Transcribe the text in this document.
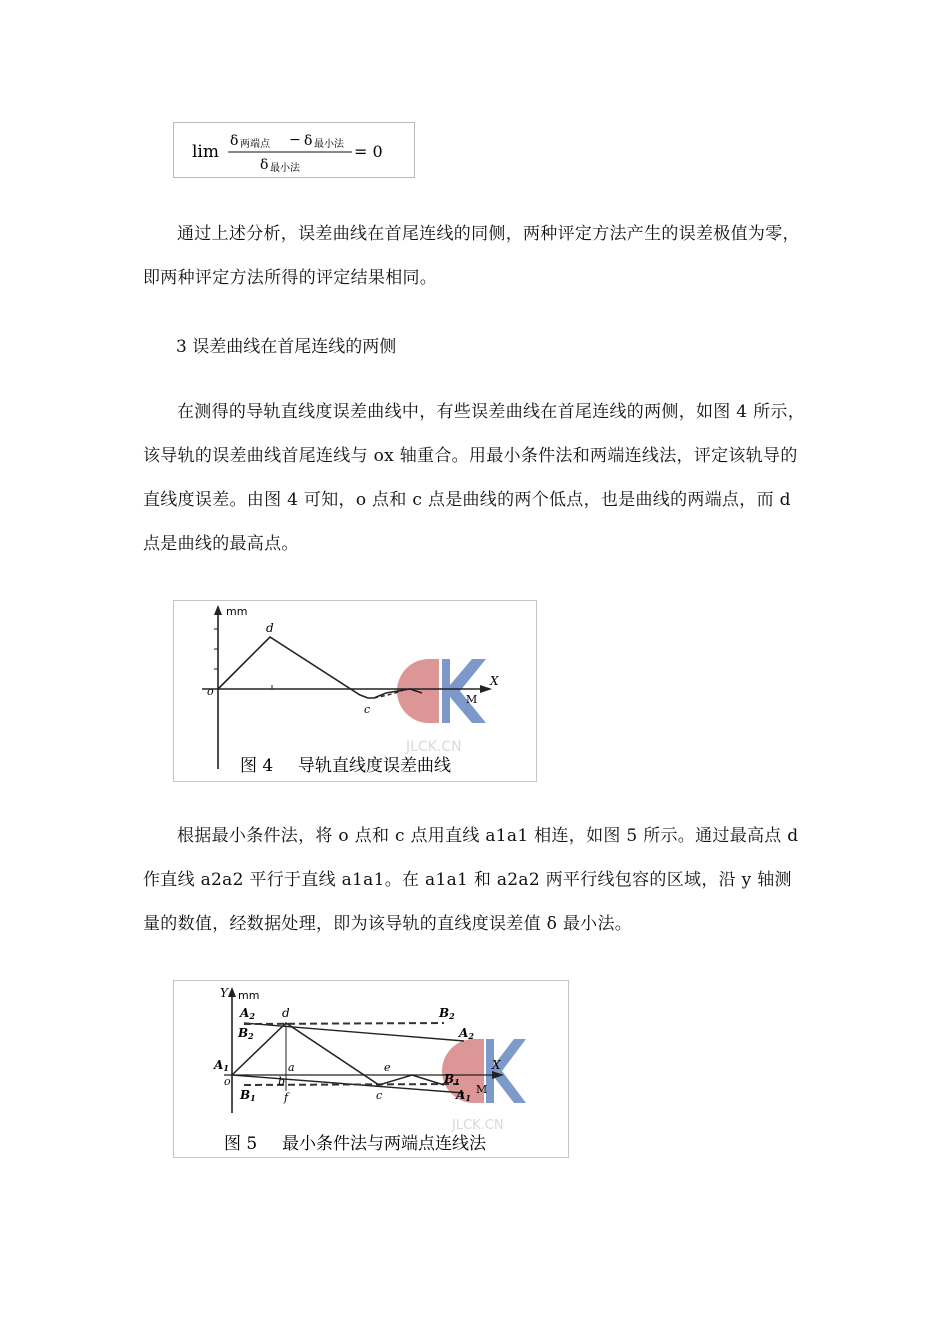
lim
δ 两端点 − δ 最小法
δ 最小法
= 0

通过上述分析，误差曲线在首尾连线的同侧，两种评定方法产生的误差极值为零，即两种评定方法所得的评定结果相同。

3 误差曲线在首尾连线的两侧

在测得的导轨直线度误差曲线中，有些误差曲线在首尾连线的两侧，如图 4 所示，该导轨的误差曲线首尾连线与 ox 轴重合。用最小条件法和两端连线法，评定该轨导的直线度误差。由图 4 可知，o 点和 c 点是曲线的两个低点，也是曲线的两端点，而 d 点是曲线的最高点。

JLCK.CN
mm
d
o
c
X
M
图 4 导轨直线度误差曲线

根据最小条件法，将 o 点和 c 点用直线 a1a1 相连，如图 5 所示。通过最高点 d 作直线 a2a2 平行于直线 a1a1。在 a1a1 和 a2a2 两平行线包容的区域，沿 y 轴测量的数值，经数据处理，即为该导轨的直线度误差值 δ 最小法。

JLCK.CN
Y mm
A2
B2
B2
A2
A1
o
B1
B1
A1
d
a
b
e
c
f
X
M
图 5 最小条件法与两端点连线法
